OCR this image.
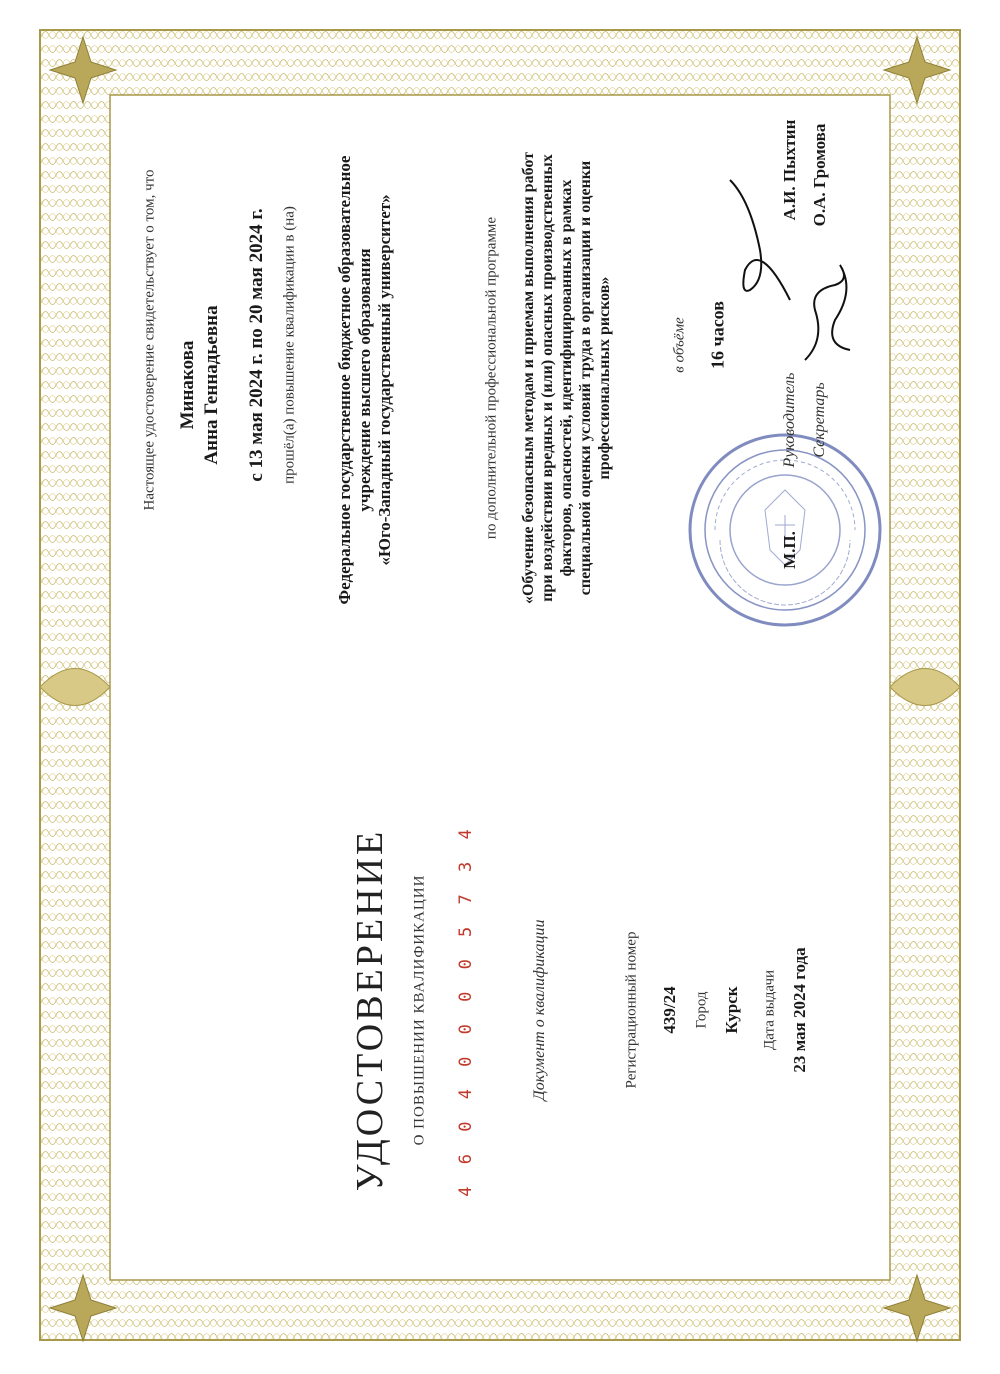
Настоящее удостоверение свидетельствует о том, что Минакова Анна Геннадьевна с 13 мая 2024 г. по 20 мая 2024 г. прошёл(а) повышение квалификации в (на) Федеральное государственное бюджетное образовательное учреждение высшего образования «Юго-Западный государственный университет»	по дополнительной профессиональной программе «Обучение безопасным методам и приемам выполнения работ при воздействии вредных и (или) опасных производственных факторов, опасностей, идентифицированных в рамках специальной оценки условий труда в организации и оценки профессиональных рисков»	в объёме 16 часов
М.П.
Руководитель
А.И. Пыхтин
Секретарь
О.А. Громова
УДОСТОВЕРЕНИЕ О ПОВЫШЕНИИ КВАЛИФИКАЦИИ 4 6 0 4 0 0 0 0 5 7 3 4	Документ о квалификации	Регистрационный номер 439/24 Город Курск Дата выдачи 23 мая 2024 года
